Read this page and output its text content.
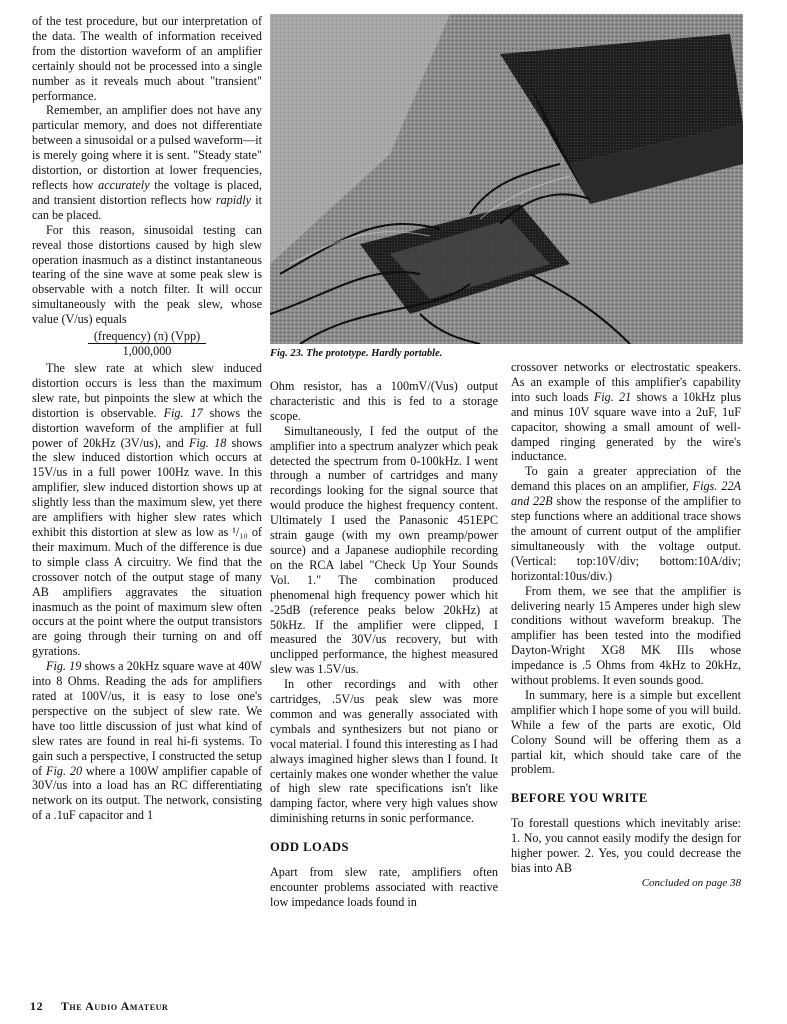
of the test procedure, but our interpretation of the data. The wealth of information received from the distortion waveform of an amplifier certainly should not be processed into a single number as it reveals much about "transient" performance.

Remember, an amplifier does not have any particular memory, and does not differentiate between a sinusoidal or a pulsed waveform—it is merely going where it is sent. "Steady state" distortion, or distortion at lower frequencies, reflects how accurately the voltage is placed, and transient distortion reflects how rapidly it can be placed.

For this reason, sinusoidal testing can reveal those distortions caused by high slew operation inasmuch as a distinct instantaneous tearing of the sine wave at some peak slew is observable with a notch filter. It will occur simultaneously with the peak slew, whose value (V/us) equals

(frequency) (π) (Vpp)
1,000,000

The slew rate at which slew induced distortion occurs is less than the maximum slew rate, but pinpoints the slew at which the distortion is observable. Fig. 17 shows the distortion waveform of the amplifier at full power of 20kHz (3V/us), and Fig. 18 shows the slew induced distortion which occurs at 15V/us in a full power 100Hz wave. In this amplifier, slew induced distortion shows up at slightly less than the maximum slew, yet there are amplifiers with higher slew rates which exhibit this distortion at slew as low as ¹/₁₀ of their maximum. Much of the difference is due to simple class A circuitry. We find that the crossover notch of the output stage of many AB amplifiers aggravates the situation inasmuch as the point of maximum slew often occurs at the point where the output transistors are going through their turning on and off gyrations.

Fig. 19 shows a 20kHz square wave at 40W into 8 Ohms. Reading the ads for amplifiers rated at 100V/us, it is easy to lose one's perspective on the subject of slew rate. We have too little discussion of just what kind of slew rates are found in real hi-fi systems. To gain such a perspective, I constructed the setup of Fig. 20 where a 100W amplifier capable of 30V/us into a load has an RC differentiating network on its output. The network, consisting of a .1uF capacitor and 1

Fig. 23. The prototype. Hardly portable.

Ohm resistor, has a 100mV/(Vus) output characteristic and this is fed to a storage scope.

Simultaneously, I fed the output of the amplifier into a spectrum analyzer which peak detected the spectrum from 0-100kHz. I went through a number of cartridges and many recordings looking for the signal source that would produce the highest frequency content. Ultimately I used the Panasonic 451EPC strain gauge (with my own preamp/power source) and a Japanese audiophile recording on the RCA label "Check Up Your Sounds Vol. 1." The combination produced phenomenal high frequency power which hit -25dB (reference peaks below 20kHz) at 50kHz. If the amplifier were clipped, I measured the 30V/us recovery, but with unclipped performance, the highest measured slew was 1.5V/us.

In other recordings and with other cartridges, .5V/us peak slew was more common and was generally associated with cymbals and synthesizers but not piano or vocal material. I found this interesting as I had always imagined higher slews than I found. It certainly makes one wonder whether the value of high slew rate specifications isn't like damping factor, where very high values show diminishing returns in sonic performance.

ODD LOADS

Apart from slew rate, amplifiers often encounter problems associated with reactive low impedance loads found in

crossover networks or electrostatic speakers. As an example of this amplifier's capability into such loads Fig. 21 shows a 10kHz plus and minus 10V square wave into a 2uF, 1uF capacitor, showing a small amount of well-damped ringing generated by the wire's inductance.

To gain a greater appreciation of the demand this places on an amplifier, Figs. 22A and 22B show the response of the amplifier to step functions where an additional trace shows the amount of current output of the amplifier simultaneously with the voltage output. (Vertical: top:10V/div; bottom:10A/div; horizontal:10us/div.)

From them, we see that the amplifier is delivering nearly 15 Amperes under high slew conditions without waveform breakup. The amplifier has been tested into the modified Dayton-Wright XG8 MK IIIs whose impedance is .5 Ohms from 4kHz to 20kHz, without problems. It even sounds good.

In summary, here is a simple but excellent amplifier which I hope some of you will build. While a few of the parts are exotic, Old Colony Sound will be offering them as a partial kit, which should take care of the problem.

BEFORE YOU WRITE

To forestall questions which inevitably arise: 1. No, you cannot easily modify the design for higher power. 2. Yes, you could decrease the bias into AB

Concluded on page 38
12 The Audio Amateur
